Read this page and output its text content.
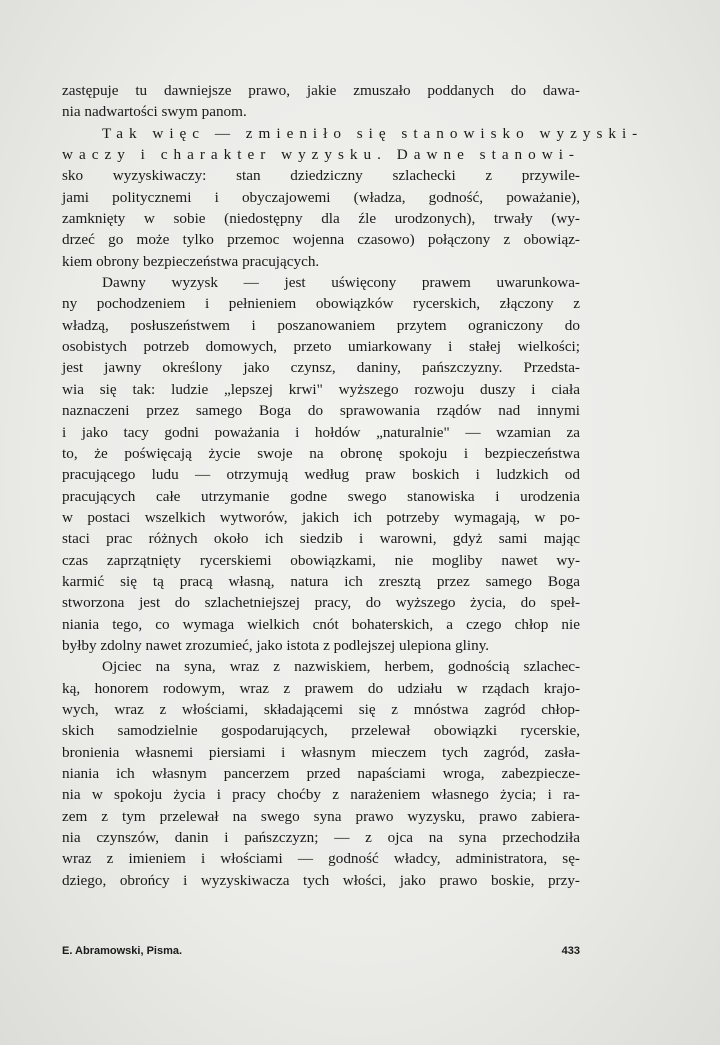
zastępuje tu dawniejsze prawo, jakie zmuszało poddanych do dawa-
nia nadwartości swym panom.
Tak więc — zmieniło się stanowisko wyzyski-
waczy i charakter wyzysku. Dawne stanowi-
sko wyzyskiwaczy: stan dziedziczny szlachecki z przywile-
jami politycznemi i obyczajowemi (władza, godność, poważanie),
zamknięty w sobie (niedostępny dla źle urodzonych), trwały (wy-
drzeć go może tylko przemoc wojenna czasowo) połączony z obowiąz-
kiem obrony bezpieczeństwa pracujących.
Dawny wyzysk — jest uświęcony prawem uwarunkowa-
ny pochodzeniem i pełnieniem obowiązków rycerskich, złączony z
władzą, posłuszeństwem i poszanowaniem przytem ograniczony do
osobistych potrzeb domowych, przeto umiarkowany i stałej wielkości;
jest jawny określony jako czynsz, daniny, pańszczyzny. Przedsta-
wia się tak: ludzie „lepszej krwi" wyższego rozwoju duszy i ciała
naznaczeni przez samego Boga do sprawowania rządów nad innymi
i jako tacy godni poważania i hołdów „naturalnie" — wzamian za
to, że poświęcają życie swoje na obronę spokoju i bezpieczeństwa
pracującego ludu — otrzymują według praw boskich i ludzkich od
pracujących całe utrzymanie godne swego stanowiska i urodzenia
w postaci wszelkich wytworów, jakich ich potrzeby wymagają, w po-
staci prac różnych około ich siedzib i warowni, gdyż sami mając
czas zaprzątnięty rycerskiemi obowiązkami, nie mogliby nawet wy-
karmić się tą pracą własną, natura ich zresztą przez samego Boga
stworzona jest do szlachetniejszej pracy, do wyższego życia, do speł-
niania tego, co wymaga wielkich cnót bohaterskich, a czego chłop nie
byłby zdolny nawet zrozumieć, jako istota z podlejszej ulepiona gliny.
Ojciec na syna, wraz z nazwiskiem, herbem, godnością szlachec-
ką, honorem rodowym, wraz z prawem do udziału w rządach krajo-
wych, wraz z włościami, składającemi się z mnóstwa zagród chłop-
skich samodzielnie gospodarujących, przelewał obowiązki rycerskie,
bronienia własnemi piersiami i własnym mieczem tych zagród, zasła-
niania ich własnym pancerzem przed napaściami wroga, zabezpiecze-
nia w spokoju życia i pracy choćby z narażeniem własnego życia; i ra-
zem z tym przelewał na swego syna prawo wyzysku, prawo zabiera-
nia czynszów, danin i pańszczyzn; — z ojca na syna przechodziła
wraz z imieniem i włościami — godność władcy, administratora, sę-
dziego, obrońcy i wyzyskiwacza tych włości, jako prawo boskie, przy-
E. Abramowski, Pisma.	433
